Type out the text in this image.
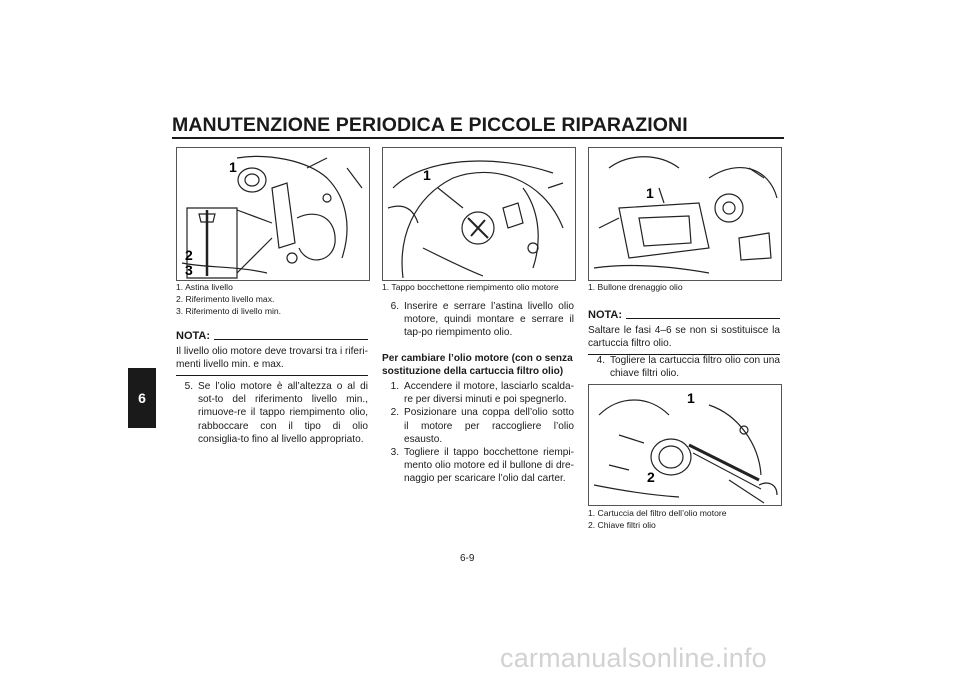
MANUTENZIONE PERIODICA E PICCOLE RIPARAZIONI
6
1
2
3
1. Astina livello
2. Riferimento livello max.
3. Riferimento di livello min.
NOTA:
Il livello olio motore deve trovarsi tra i riferi-menti livello min. e max.
5. Se l’olio motore è all’altezza o al di sot-to del riferimento livello min., rimuove-re il tappo riempimento olio, rabboccare con il tipo di olio consiglia-to fino al livello appropriato.
1
1. Tappo bocchettone riempimento olio motore
6. Inserire e serrare l’astina livello olio motore, quindi montare e serrare il tap-po riempimento olio.
Per cambiare l’olio motore (con o senza sostituzione della cartuccia filtro olio)
1. Accendere il motore, lasciarlo scalda-re per diversi minuti e poi spegnerlo.
2. Posizionare una coppa dell’olio sotto il motore per raccogliere l’olio esausto.
3. Togliere il tappo bocchettone riempi-mento olio motore ed il bullone di dre-naggio per scaricare l’olio dal carter.
1
1. Bullone drenaggio olio
NOTA:
Saltare le fasi 4–6 se non si sostituisce la cartuccia filtro olio.
4. Togliere la cartuccia filtro olio con una chiave filtri olio.
1
2
1. Cartuccia del filtro dell’olio motore
2. Chiave filtri olio
6-9
carmanualsonline.info
